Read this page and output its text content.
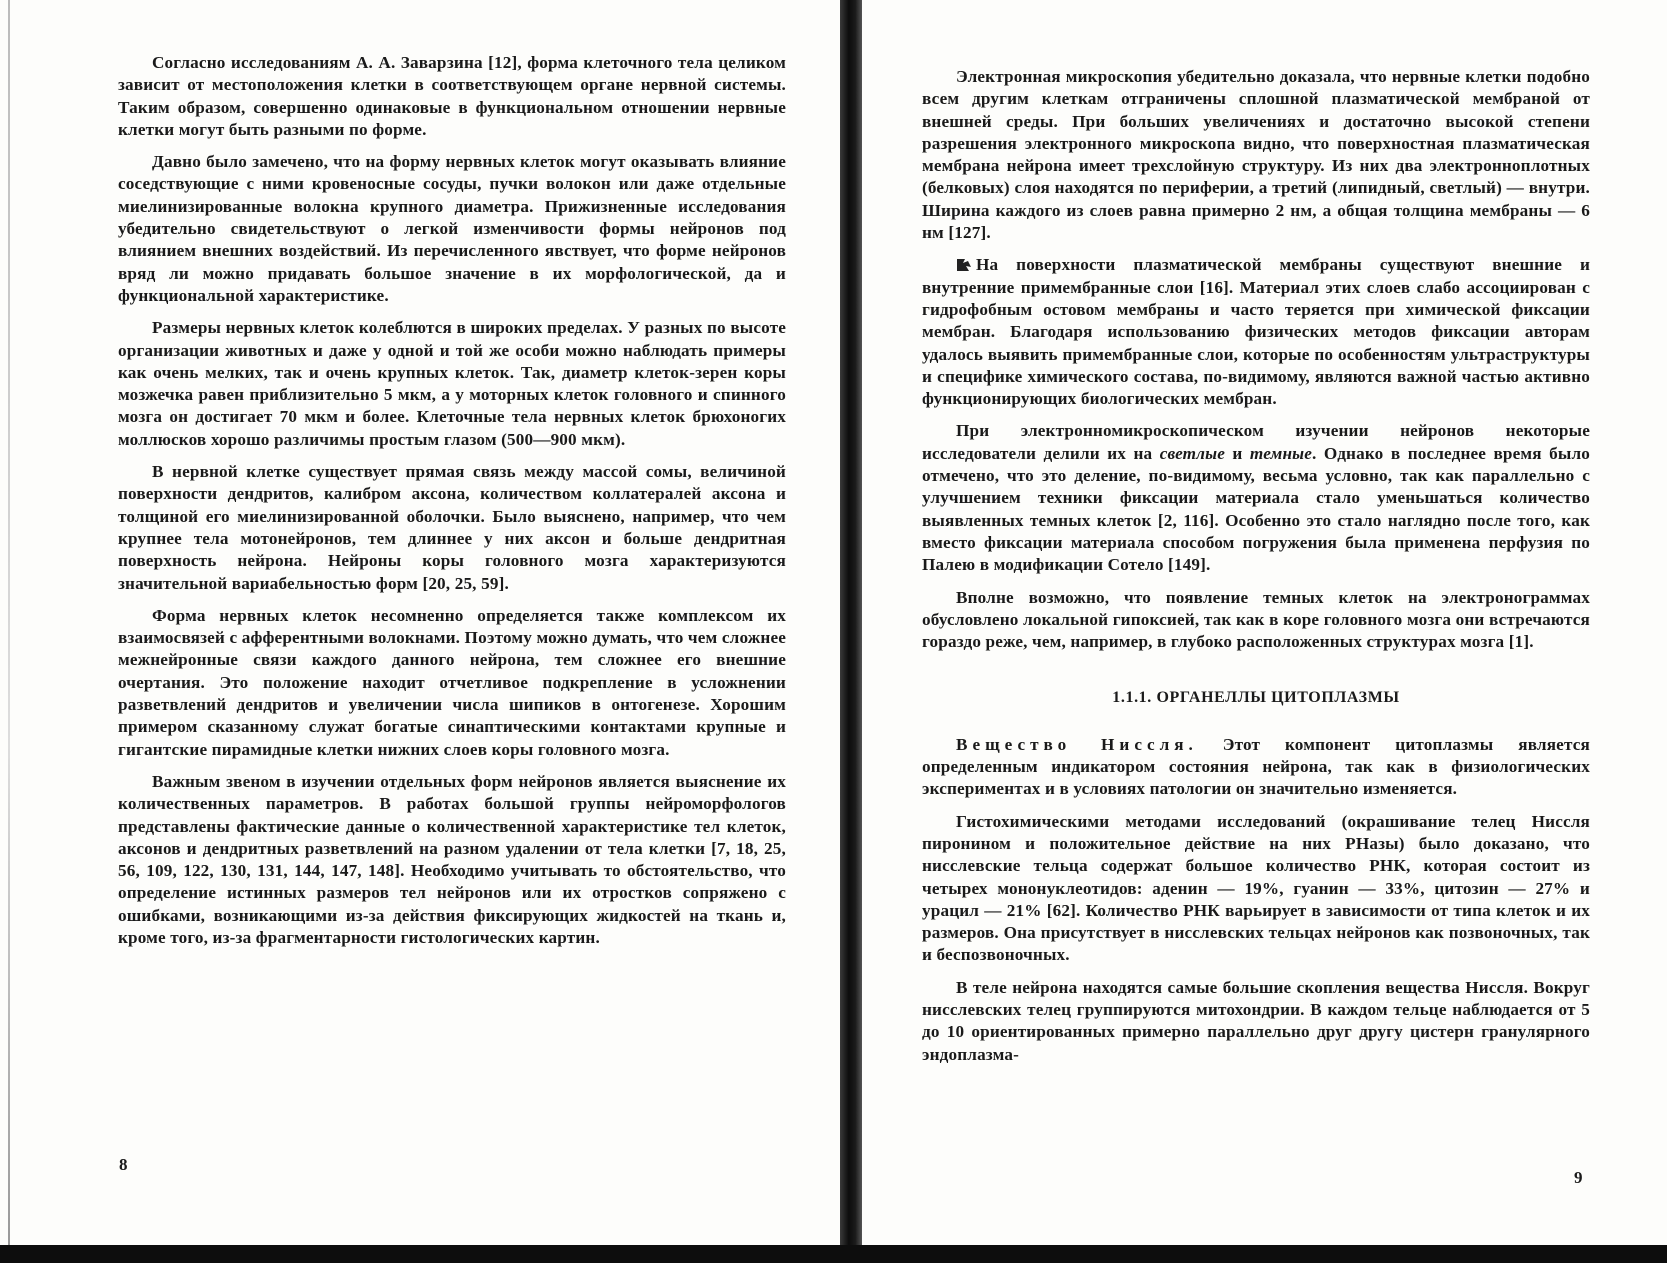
Согласно исследованиям А. А. Заварзина [12], форма клеточного тела целиком зависит от местоположения клетки в соответствующем органе нервной системы. Таким образом, совершенно одинаковые в функциональном отношении нервные клетки могут быть разными по форме.

Давно было замечено, что на форму нервных клеток могут оказывать влияние соседствующие с ними кровеносные сосуды, пучки волокон или даже отдельные миелинизированные волокна крупного диаметра. Прижизненные исследования убедительно свидетельствуют о легкой изменчивости формы нейронов под влиянием внешних воздействий. Из перечисленного явствует, что форме нейронов вряд ли можно придавать большое значение в их морфологической, да и функциональной характеристике.

Размеры нервных клеток колеблются в широких пределах. У разных по высоте организации животных и даже у одной и той же особи можно наблюдать примеры как очень мелких, так и очень крупных клеток. Так, диаметр клеток-зерен коры мозжечка равен приблизительно 5 мкм, а у моторных клеток головного и спинного мозга он достигает 70 мкм и более. Клеточные тела нервных клеток брюхоногих моллюсков хорошо различимы простым глазом (500—900 мкм).

В нервной клетке существует прямая связь между массой сомы, величиной поверхности дендритов, калибром аксона, количеством коллатералей аксона и толщиной его миелинизированной оболочки. Было выяснено, например, что чем крупнее тела мотонейронов, тем длиннее у них аксон и больше дендритная поверхность нейрона. Нейроны коры головного мозга характеризуются значительной вариабельностью форм [20, 25, 59].

Форма нервных клеток несомненно определяется также комплексом их взаимосвязей с афферентными волокнами. Поэтому можно думать, что чем сложнее межнейронные связи каждого данного нейрона, тем сложнее его внешние очертания. Это положение находит отчетливое подкрепление в усложнении разветвлений дендритов и увеличении числа шипиков в онтогенезе. Хорошим примером сказанному служат богатые синаптическими контактами крупные и гигантские пирамидные клетки нижних слоев коры головного мозга.

Важным звеном в изучении отдельных форм нейронов является выяснение их количественных параметров. В работах большой группы нейроморфологов представлены фактические данные о количественной характеристике тел клеток, аксонов и дендритных разветвлений на разном удалении от тела клетки [7, 18, 25, 56, 109, 122, 130, 131, 144, 147, 148]. Необходимо учитывать то обстоятельство, что определение истинных размеров тел нейронов или их отростков сопряжено с ошибками, возникающими из-за действия фиксирующих жидкостей на ткань и, кроме того, из-за фрагментарности гистологических картин.

8

Электронная микроскопия убедительно доказала, что нервные клетки подобно всем другим клеткам отграничены сплошной плазматической мембраной от внешней среды. При больших увеличениях и достаточно высокой степени разрешения электронного микроскопа видно, что поверхностная плазматическая мембрана нейрона имеет трехслойную структуру. Из них два электронноплотных (белковых) слоя находятся по периферии, а третий (липидный, светлый) — внутри. Ширина каждого из слоев равна примерно 2 нм, а общая толщина мембраны — 6 нм [127].

На поверхности плазматической мембраны существуют внешние и внутренние примембранные слои [16]. Материал этих слоев слабо ассоциирован с гидрофобным остовом мембраны и часто теряется при химической фиксации мембран. Благодаря использованию физических методов фиксации авторам удалось выявить примембранные слои, которые по особенностям ультраструктуры и специфике химического состава, по-видимому, являются важной частью активно функционирующих биологических мембран.

При электронномикроскопическом изучении нейронов некоторые исследователи делили их на светлые и темные. Однако в последнее время было отмечено, что это деление, по-видимому, весьма условно, так как параллельно с улучшением техники фиксации материала стало уменьшаться количество выявленных темных клеток [2, 116]. Особенно это стало наглядно после того, как вместо фиксации материала способом погружения была применена перфузия по Палею в модификации Сотело [149].

Вполне возможно, что появление темных клеток на электронограммах обусловлено локальной гипоксией, так как в коре головного мозга они встречаются гораздо реже, чем, например, в глубоко расположенных структурах мозга [1].

1.1.1. ОРГАНЕЛЛЫ ЦИТОПЛАЗМЫ

Вещество Ниссля. Этот компонент цитоплазмы является определенным индикатором состояния нейрона, так как в физиологических экспериментах и в условиях патологии он значительно изменяется.

Гистохимическими методами исследований (окрашивание телец Ниссля пиронином и положительное действие на них РНазы) было доказано, что нисслевские тельца содержат большое количество РНК, которая состоит из четырех мононуклеотидов: аденин — 19%, гуанин — 33%, цитозин — 27% и урацил — 21% [62]. Количество РНК варьирует в зависимости от типа клеток и их размеров. Она присутствует в нисслевских тельцах нейронов как позвоночных, так и беспозвоночных.

В теле нейрона находятся самые большие скопления вещества Ниссля. Вокруг нисслевских телец группируются митохондрии. В каждом тельце наблюдается от 5 до 10 ориентированных примерно параллельно друг другу цистерн гранулярного эндоплазма-

9
